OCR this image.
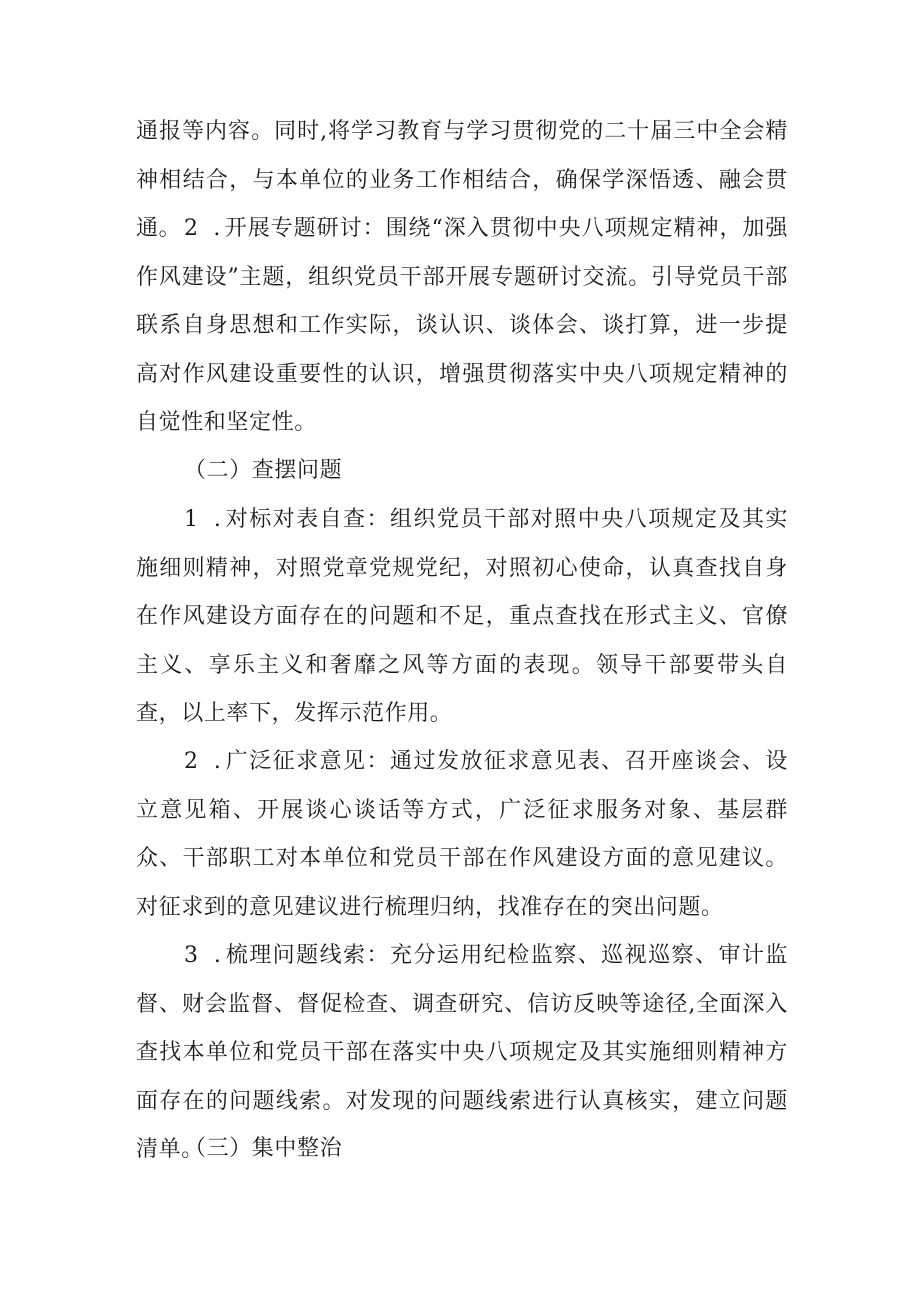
通报等内容。同时,将学习教育与学习贯彻党的二十届三中全会精神相结合，与本单位的业务工作相结合，确保学深悟透、融会贯通。 2 .开展专题研讨：围绕“深入贯彻中央八项规定精神，加强作风建设”主题，组织党员干部开展专题研讨交流。引导党员干部联系自身思想和工作实际，谈认识、谈体会、谈打算，进一步提高对作风建设重要性的认识，增强贯彻落实中央八项规定精神的自觉性和坚定性。

（二）查摆问题

1 .对标对表自查：组织党员干部对照中央八项规定及其实施细则精神，对照党章党规党纪，对照初心使命，认真查找自身在作风建设方面存在的问题和不足，重点查找在形式主义、官僚主义、享乐主义和奢靡之风等方面的表现。领导干部要带头自查，以上率下，发挥示范作用。

2 .广泛征求意见：通过发放征求意见表、召开座谈会、设立意见箱、开展谈心谈话等方式，广泛征求服务对象、基层群众、干部职工对本单位和党员干部在作风建设方面的意见建议。对征求到的意见建议进行梳理归纳，找准存在的突出问题。

3 .梳理问题线索：充分运用纪检监察、巡视巡察、审计监督、财会监督、督促检查、调查研究、信访反映等途径,全面深入查找本单位和党员干部在落实中央八项规定及其实施细则精神方面存在的问题线索。对发现的问题线索进行认真核实，建立问题清单。

（三）集中整治
